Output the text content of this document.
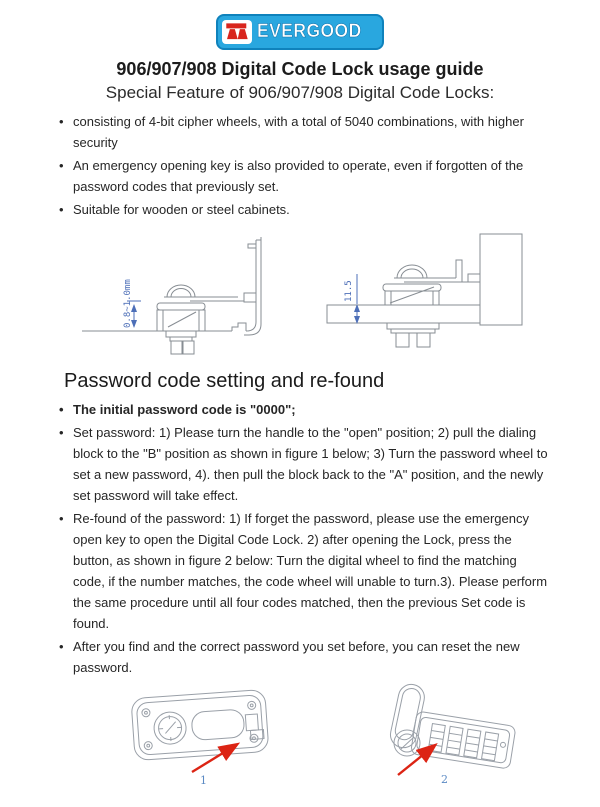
EVERGOOD
906/907/908 Digital Code Lock usage guide
Special Feature of 906/907/908 Digital Code Locks:
• consisting of 4-bit cipher wheels, with a total of 5040 combinations, with higher security
• An emergency opening key is also provided to operate, even if forgotten of the password codes that previously set.
• Suitable for wooden or steel cabinets.
0.8~1.0mm	11.5
Password code setting and re-found
• The initial password code is "0000";
• Set password: 1) Please turn the handle to the "open" position; 2) pull the dialing block to the "B" position as shown in figure 1 below; 3) Turn the password wheel to set a new password, 4). then pull the block back to the "A" position, and the newly set password will take effect.
• Re-found of the password: 1) If forget the password, please use the emergency open key to open the Digital Code Lock. 2) after opening the Lock, press the button, as shown in figure 2 below: Turn the digital wheel to find the matching code, if the number matches, the code wheel will unable to turn.3). Please perform the same procedure until all four codes matched, then the previous Set code is found.
• After you find and the correct password you set before, you can reset the new password.
1	2
